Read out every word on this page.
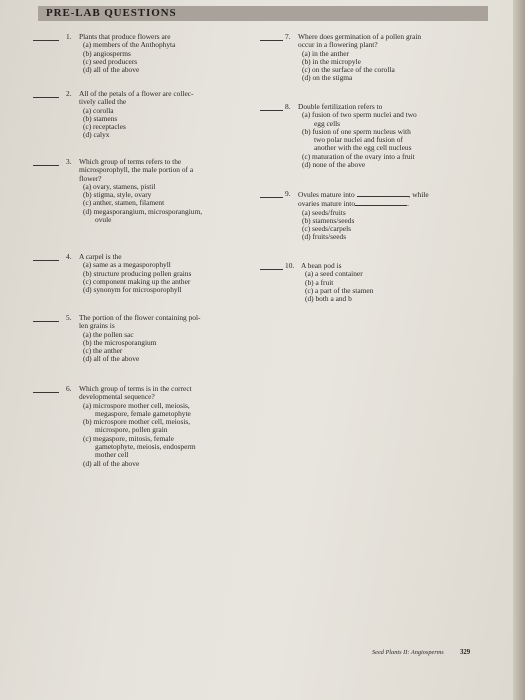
PRE-LAB QUESTIONS
1. Plants that produce flowers are
(a) members of the Anthophyta
(b) angiosperms
(c) seed producers
(d) all of the above
2. All of the petals of a flower are collec-
tively called the
(a) corolla
(b) stamens
(c) receptacles
(d) calyx
3. Which group of terms refers to the
microsporophyll, the male portion of a
flower?
(a) ovary, stamens, pistil
(b) stigma, style, ovary
(c) anther, stamen, filament
(d) megasporangium, microsporangium,
ovule
4. A carpel is the
(a) same as a megasporophyll
(b) structure producing pollen grains
(c) component making up the anther
(d) synonym for microsporophyll
5. The portion of the flower containing pol-
len grains is
(a) the pollen sac
(b) the microsporangium
(c) the anther
(d) all of the above
6. Which group of terms is in the correct
developmental sequence?
(a) microspore mother cell, meiosis,
megaspore, female gametophyte
(b) microspore mother cell, meiosis,
microspore, pollen grain
(c) megaspore, mitosis, female
gametophyte, meiosis, endosperm
mother cell
(d) all of the above
7. Where does germination of a pollen grain
occur in a flowering plant?
(a) in the anther
(b) in the micropyle
(c) on the surface of the corolla
(d) on the stigma
8. Double fertilization refers to
(a) fusion of two sperm nuclei and two
egg cells
(b) fusion of one sperm nucleus with
two polar nuclei and fusion of
another with the egg cell nucleus
(c) maturation of the ovary into a fruit
(d) none of the above
9. Ovules mature into	, while
ovaries mature into	.
(a) seeds/fruits
(b) stamens/seeds
(c) seeds/carpels
(d) fruits/seeds
10. A bean pod is
(a) a seed container
(b) a fruit
(c) a part of the stamen
(d) both a and b
Seed Plants II: Angiosperms 329
